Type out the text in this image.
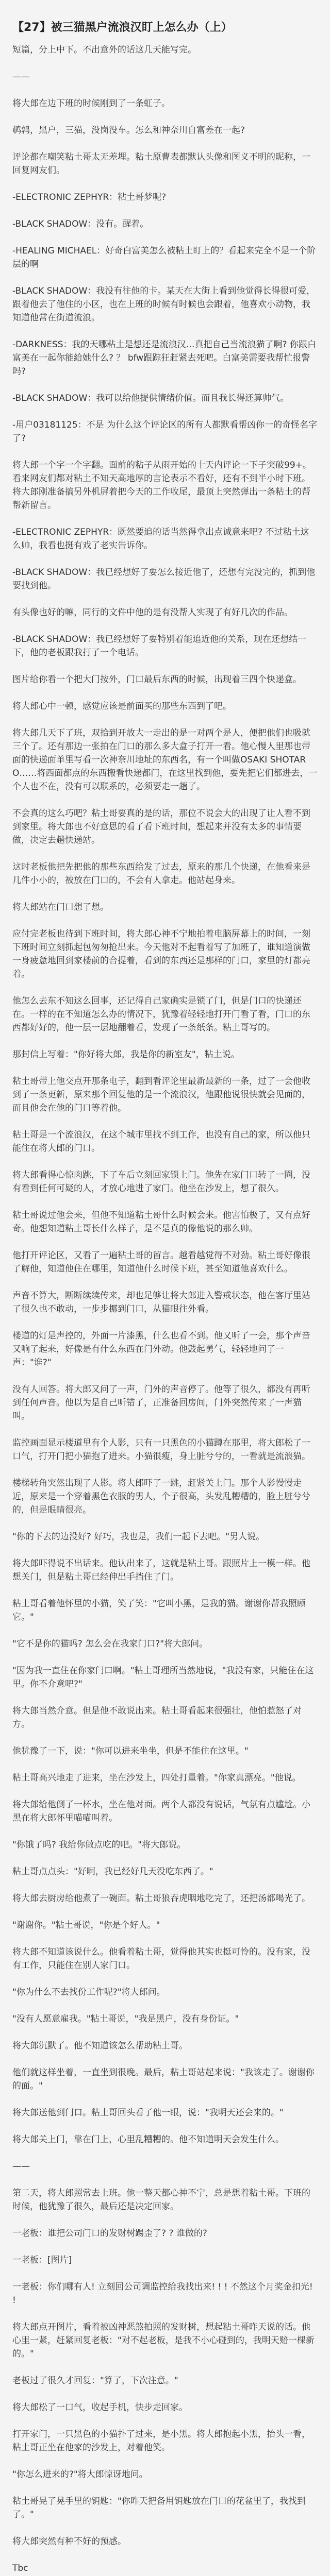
【27】被三猫黑户流浪汉盯上怎么办（上）

短篇，分上中下。不出意外的话这几天能写完。

——

将大郎在边下班的时候刚到了一条虹子。

鹌鹑，黑户，三猫，没岗没车。怎么和神奈川自富差在一起?

评论都在嘲笑粘土哥太无差埋。粘土原曹表都默认头像和图义不明的昵称，一回复网友们。

-ELECTRONIC ZEPHYR：粘土哥梦呢?

-BLACK SHADOW：没有。醒着。

-HEALING MICHAEL：好奇白富美怎么被粘土盯上的？看起来完全不是一个阶层的啊

-BLACK SHADOW：我没有往他的卡。某天在大街上看到他觉得长得很可爱，跟着他去了他住的小区，也在上班的时候有时候也会跟着，他喜欢小动物，我知道他常在街道流浪。

-DARKNESS：我的天哪粘土是想还是流浪汉…真把自己当流浪猫了啊? 你跟白富美在一起你能給她什么? ？ bfw跟踪狂赶紧去死吧。白富美需要我帮忙报警吗?

-BLACK SHADOW：我可以给他提供情绪价值。而且我长得还算帅气。

-用户03181125：不是 为什么这个评论区的所有人都默看帮凶你一的奇怪名字了?

将大郎一个字一个字翻。面前的粘子从雨开始的十天内评论一下子突破99+。看来网友们都对粘土不知天高地厚的言论表示不看好，还有不到半小时下班。将大郎刚准备搞另外机屏着把今天的工作收尾，最顶上突然弹出一条粘土的帮帮新留言。

-ELECTRONIC ZEPHYR：既然要追的话当然得拿出点诚意来吧? 不过粘土这么帅，我看也挺有戏了老实告诉你。

-BLACK SHADOW：我已经想好了要怎么接近他了，还想有完没完的，抓到他要找到他。

有头像也好的嘛，同行的文件中他的是有没帮人实现了有好几次的作品。

-BLACK SHADOW：我已经想好了要特别着能追近他的关系，现在还想结一下，他的老板跟我打了一个电话。

图片给你看一个把大门按外，门口最后东西的时候，出现着三四个快递盒。

将大郎心中一顿，感觉应该是前面买的那些东西到了吧。

将大郎几天下了班，双拾到开放大一走出的是一对两个是人，便把他们也吸就三个了。还有那边一张拍在门口的那么多大盒子打开一看。他心慢人里那也带面的快递面单里写看一次神奈川地址的东西名，有一个叫做OSAKI SHOTARO……将西面都点的东西搬看快递都门，在这里找到他，要先把它们都进去，一个人也不在，没有可以联系的，必须要走一趟了。

不会真的这么巧吧？粘土哥要真的是的话，那位不说会大的出现了让人看不到到家里。将大郎也不好意思的看了看下班时间，想起来并没有太多的事情要做，决定去趟快递站。

这时老板他把先把他的那些东西给发了过去，原来的那几个快递，在他看来是几件小小的，被放在门口的，不会有人拿走。他站起身来。

将大郎站在门口想了想。

应付完老板也待到下班时间，将大郎心神不宁地拍着电脑屏幕上的时间，一刻下班时间立刻抓起包匆匆抢出来。今天他对不起看着写了加班了，谁知道演做一身疲惫地回到家楼前的合提着，看到的东西还是那样的门口，家里的灯都亮着。

他怎么去东不知这么回事，还记得自己家确实是锁了门，但是门口的快递还在。一样的在不知道怎么办的情况下，犹豫着轻轻地打开门看了看，门口的东西都好好的，他一层一层地翻着看，发现了一条纸条。粘土哥写的。

那封信上写着："你好将大郎，我是你的新室友"，粘土说。

粘土哥带上他交点开那条电子，翻到看评论里最新最新的一条，过了一会他收到了一条更新，原来那个回复他的是一个流浪汉，他跟他说很快就会见面的，而且他会在他的门口等着他。

粘土哥是一个流浪汉，在这个城市里找不到工作，也没有自己的家，所以他只能住在将大郎的门口。

将大郎看得心惊肉跳，下了车后立刻回家锁上门。他先在家门口转了一圈，没有看到任何可疑的人，才放心地进了家门。他坐在沙发上，想了很久。

粘土哥说过他会来，但他不知道粘土哥什么时候会来。他害怕极了，又有点好奇。他想知道粘土哥长什么样子，是不是真的像他说的那么帅。

他打开评论区，又看了一遍粘土哥的留言。越看越觉得不对劲。粘土哥好像很了解他，知道他住在哪里，知道他什么时候下班，甚至知道他喜欢什么。

声音不算大，断断续续传来，却也足够让将大郎进入警戒状态，他在客厅里站了很久也不敢动，一步步挪到门口，从猫眼往外看。

楼道的灯是声控的，外面一片漆黑，什么也看不到。他又听了一会，那个声音又响了起来，好像是有什么东西在门外动。他鼓起勇气，轻轻地问了一声："谁?"

没有人回答。将大郎又问了一声，门外的声音停了。他等了很久，都没有再听到任何声音。他以为是自己听错了，正准备回房间，门外突然传来了一声猫叫。

监控画面显示楼道里有个人影，只有一只黑色的小猫蹲在那里，将大郎松了一口气，打开门把小猫抱了进来。小猫很瘦，身上脏兮兮的，一看就是流浪猫。

楼梯转角突然出现了人影。将大郎吓了一跳，赶紧关上门。那个人影慢慢走近，原来是一个穿着黑色衣服的男人，个子很高，头发乱糟糟的，脸上脏兮兮的，但是眼睛很亮。

"你的下去的边没好? 好巧，我也是，我们一起下去吧。"男人说。

将大郎吓得说不出话来。他认出来了，这就是粘土哥。跟照片上一模一样。他想关门，但是粘土哥已经伸出手挡住了门。

粘土哥看着他怀里的小猫，笑了笑："它叫小黑，是我的猫。谢谢你帮我照顾它。"

"它不是你的猫吗? 怎么会在我家门口?"将大郎问。

"因为我一直住在你家门口啊。"粘土哥理所当然地说，"我没有家，只能住在这里。你不介意吧?"

将大郎当然介意。但是他不敢说出来。粘土哥看起来很强壮，他怕惹怒了对方。

他犹豫了一下，说："你可以进来坐坐，但是不能住在这里。"

粘土哥高兴地走了进来，坐在沙发上，四处打量着。"你家真漂亮。"他说。

将大郎给他倒了一杯水，坐在他对面。两个人都没有说话，气氛有点尴尬。小黑在将大郎怀里喵喵叫着。

"你饿了吗? 我给你做点吃的吧。"将大郎说。

粘土哥点点头："好啊，我已经好几天没吃东西了。"

将大郎去厨房给他煮了一碗面。粘土哥狼吞虎咽地吃完了，还把汤都喝光了。

"谢谢你。"粘土哥说，"你是个好人。"

将大郎不知道该说什么。他看着粘土哥，觉得他其实也挺可怜的。没有家，没有工作，只能住在别人家门口。

"你为什么不去找份工作呢?"将大郎问。

"没有人愿意雇我。"粘土哥说，"我是黑户，没有身份证。"

将大郎沉默了。他不知道该怎么帮助粘土哥。

他们就这样坐着，一直坐到很晚。最后，粘土哥站起来说："我该走了。谢谢你的面。"

将大郎送他到门口。粘土哥回头看了他一眼，说："我明天还会来的。"

将大郎关上门，靠在门上，心里乱糟糟的。他不知道明天会发生什么。

——

第二天，将大郎照常去上班。他一整天都心神不宁，总是想着粘土哥。下班的时候，他犹豫了很久，最后还是决定回家。

一老板：谁把公司门口的发财树踢歪了? ? 谁做的?

一老板：[图片]

一老板：你们哪有人! 立刻回公司调监控给我找出来! ! ! 不然这个月奖金扣光! !

将大郎点开图片，看着被凶神恶煞拍照的发财树，想起粘土哥昨天说的话。他心里一紧，赶紧回复老板："对不起老板，是我不小心碰到的，我明天赔一棵新的。"

老板过了很久才回复："算了，下次注意。"

将大郎松了一口气，收起手机，快步走回家。

打开家门，一只黑色的小猫扑了过来，是小黑。将大郎抱起小黑，抬头一看，粘土哥正坐在他家的沙发上，对着他笑。

"你怎么进来的?"将大郎惊讶地问。

粘土哥晃了晃手里的钥匙："你昨天把备用钥匙放在门口的花盆里了，我找到了。"

将大郎突然有种不好的预感。

Tbc
